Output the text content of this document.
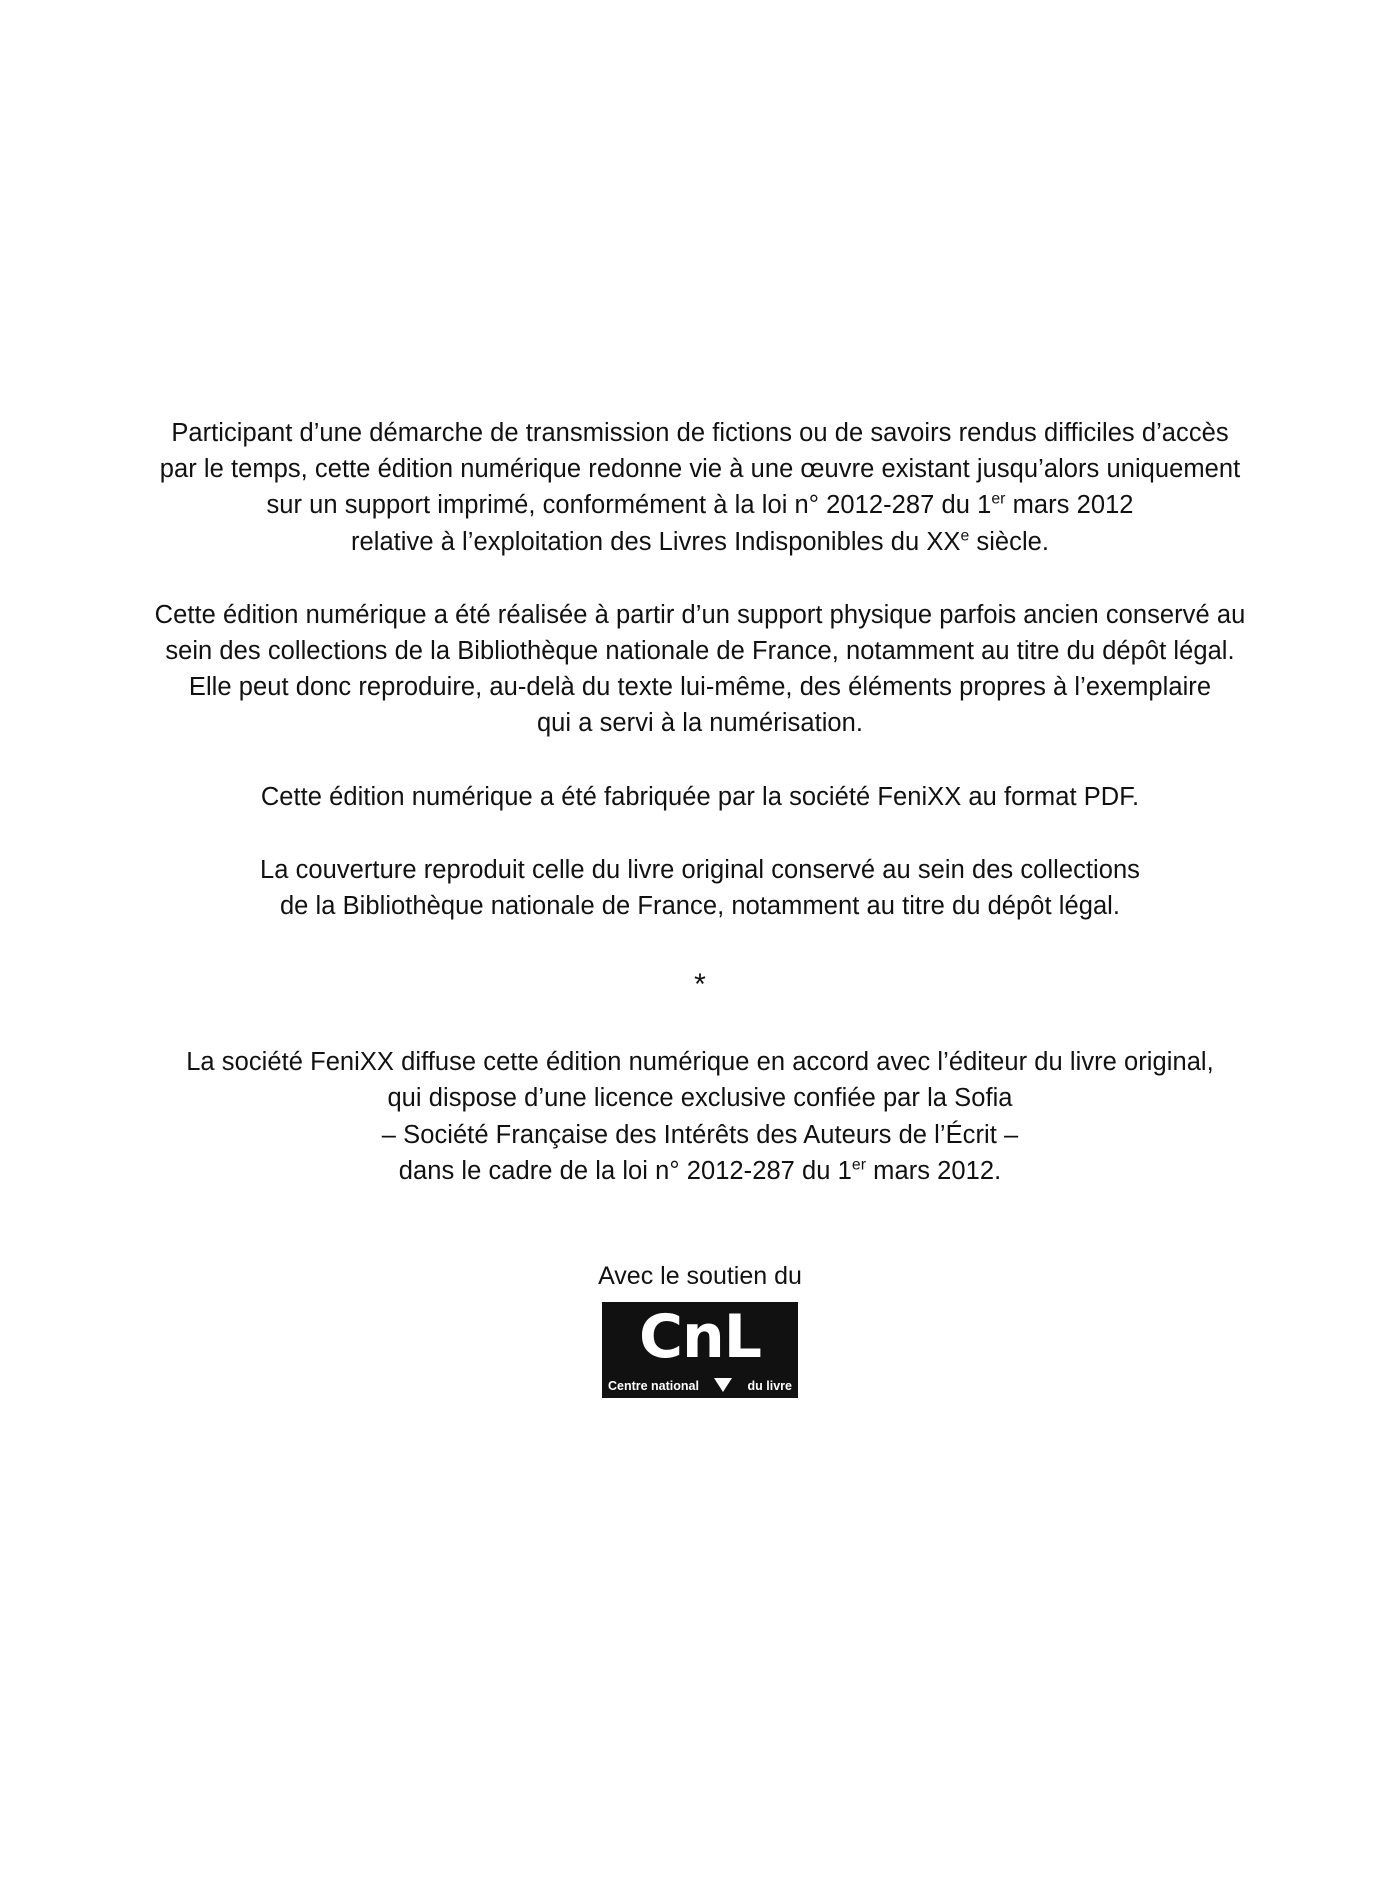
Participant d’une démarche de transmission de fictions ou de savoirs rendus difficiles d’accès
par le temps, cette édition numérique redonne vie à une œuvre existant jusqu’alors uniquement
sur un support imprimé, conformément à la loi n° 2012-287 du 1er mars 2012
relative à l’exploitation des Livres Indisponibles du XXe siècle.

Cette édition numérique a été réalisée à partir d’un support physique parfois ancien conservé au
sein des collections de la Bibliothèque nationale de France, notamment au titre du dépôt légal.
Elle peut donc reproduire, au-delà du texte lui-même, des éléments propres à l’exemplaire
qui a servi à la numérisation.

Cette édition numérique a été fabriquée par la société FeniXX au format PDF.

La couverture reproduit celle du livre original conservé au sein des collections
de la Bibliothèque nationale de France, notamment au titre du dépôt légal.

*

La société FeniXX diffuse cette édition numérique en accord avec l’éditeur du livre original,
qui dispose d’une licence exclusive confiée par la Sofia
– Société Française des Intérêts des Auteurs de l’Écrit –
dans le cadre de la loi n° 2012-287 du 1er mars 2012.

Avec le soutien du
CnL
Centre national	du livre
